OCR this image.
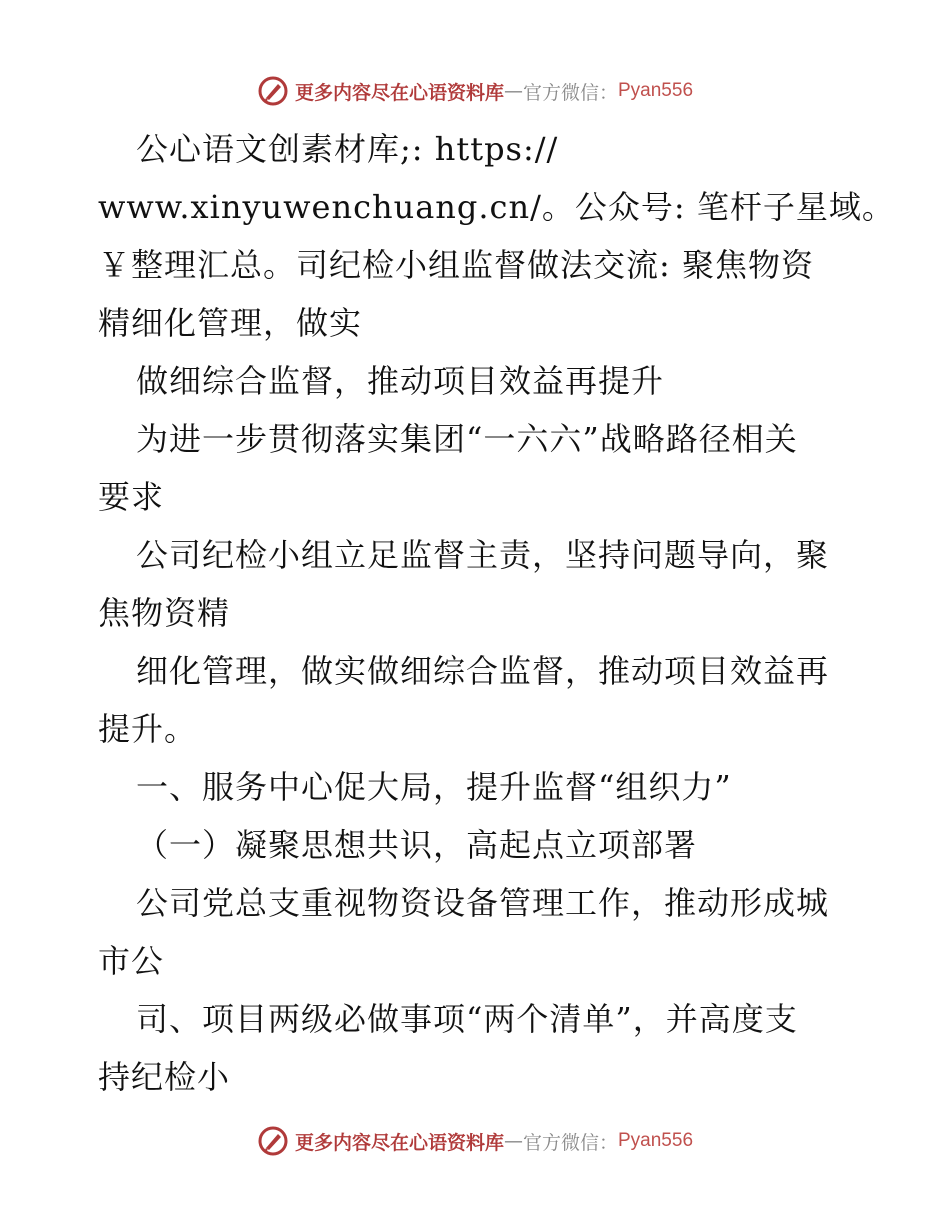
更多内容尽在心语资料库 — 官方微信： Pyan556
公心语文创素材库;: https://
www.xinyuwenchuang.cn/。公众号: 笔杆子星域。
￥整理汇总。司纪检小组监督做法交流: 聚焦物资
精细化管理，做实
做细综合监督，推动项目效益再提升
为进一步贯彻落实集团“一六六”战略路径相关
要求
公司纪检小组立足监督主责，坚持问题导向，聚
焦物资精
细化管理，做实做细综合监督，推动项目效益再
提升。
一、服务中心促大局，提升监督“组织力”
（一）凝聚思想共识，高起点立项部署
公司党总支重视物资设备管理工作，推动形成城
市公
司、项目两级必做事项“两个清单”，并高度支
持纪检小
更多内容尽在心语资料库 — 官方微信： Pyan556
